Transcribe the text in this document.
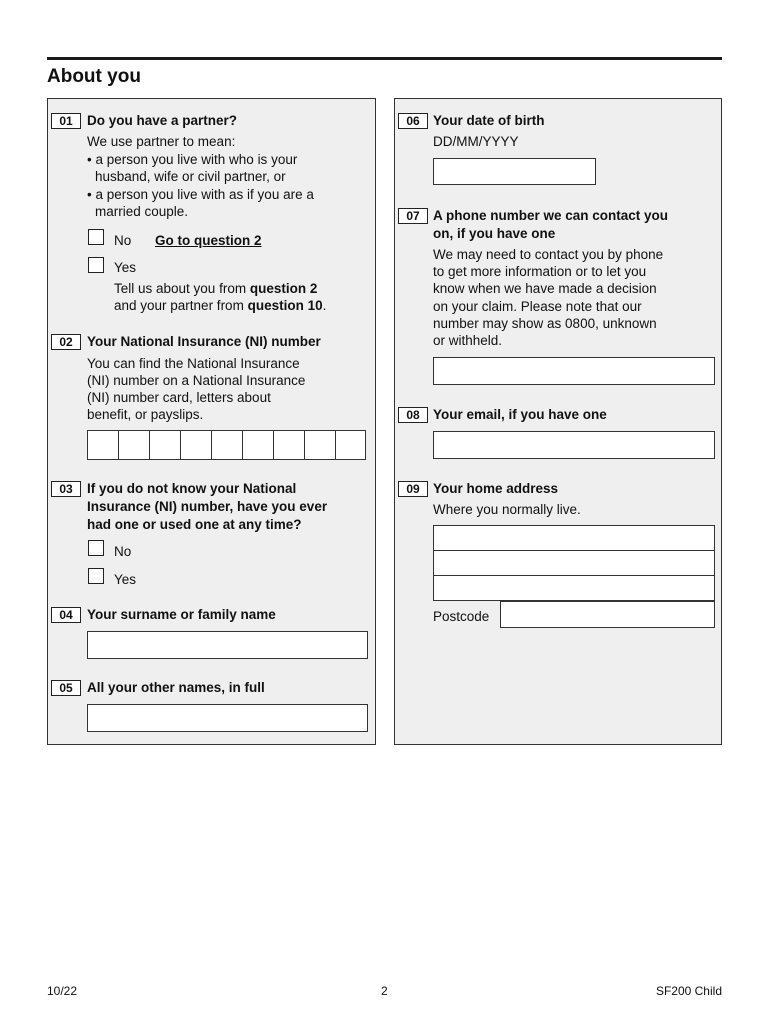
About you
01	Do you have a partner?
We use partner to mean:
• a person you live with who is your
husband, wife or civil partner, or
• a person you live with as if you are a
married couple.
No Go to question 2
Yes
Tell us about you from question 2
and your partner from question 10.
02	Your National Insurance (NI) number
You can find the National Insurance
(NI) number on a National Insurance
(NI) number card, letters about
benefit, or payslips.
03	If you do not know your National
Insurance (NI) number, have you ever
had one or used one at any time?
No
Yes
04	Your surname or family name
05	All your other names, in full
06 Your date of birth
DD/MM/YYYY
07 A phone number we can contact you
on, if you have one
We may need to contact you by phone
to get more information or to let you
know when we have made a decision
on your claim. Please note that our
number may show as 0800, unknown
or withheld.
08 Your email, if you have one
09 Your home address
Where you normally live.
Postcode
10/22	2	SF200 Child
